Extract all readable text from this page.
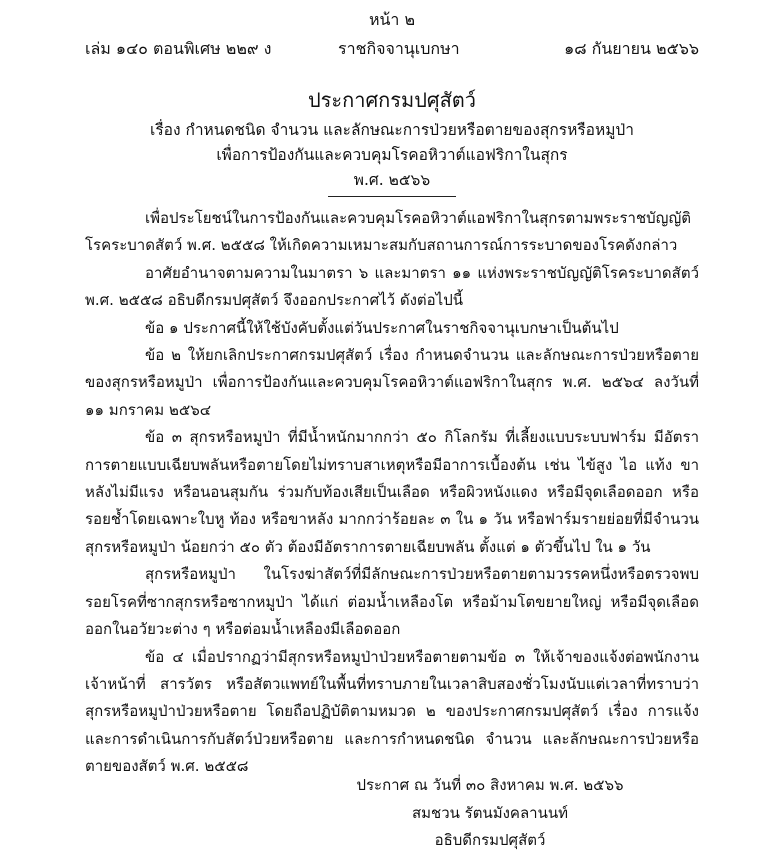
หน้า ๒
เล่ม ๑๔๐ ตอนพิเศษ ๒๒๙ ง	ราชกิจจานุเบกษา	๑๘ กันยายน ๒๕๖๖
ประกาศกรมปศุสัตว์
เรื่อง กำหนดชนิด จำนวน และลักษณะการป่วยหรือตายของสุกรหรือหมูป่า
เพื่อการป้องกันและควบคุมโรคอหิวาต์แอฟริกาในสุกร
พ.ศ. ๒๕๖๖

เพื่อประโยชน์ในการป้องกันและควบคุมโรคอหิวาต์แอฟริกาในสุกรตามพระราชบัญญัติโรคระบาดสัตว์ พ.ศ. ๒๕๕๘ ให้เกิดความเหมาะสมกับสถานการณ์การระบาดของโรคดังกล่าว

อาศัยอำนาจตามความในมาตรา ๖ และมาตรา ๑๑ แห่งพระราชบัญญัติโรคระบาดสัตว์ พ.ศ. ๒๕๕๘ อธิบดีกรมปศุสัตว์ จึงออกประกาศไว้ ดังต่อไปนี้

ข้อ ๑ ประกาศนี้ให้ใช้บังคับตั้งแต่วันประกาศในราชกิจจานุเบกษาเป็นต้นไป

ข้อ ๒ ให้ยกเลิกประกาศกรมปศุสัตว์ เรื่อง กำหนดจำนวน และลักษณะการป่วยหรือตายของสุกรหรือหมูป่า เพื่อการป้องกันและควบคุมโรคอหิวาต์แอฟริกาในสุกร พ.ศ. ๒๕๖๔ ลงวันที่ ๑๑ มกราคม ๒๕๖๔

ข้อ ๓ สุกรหรือหมูป่า ที่มีน้ำหนักมากกว่า ๕๐ กิโลกรัม ที่เลี้ยงแบบระบบฟาร์ม มีอัตราการตายแบบเฉียบพลันหรือตายโดยไม่ทราบสาเหตุหรือมีอาการเบื้องต้น เช่น ไข้สูง ไอ แท้ง ขาหลังไม่มีแรง หรือนอนสุมกัน ร่วมกับท้องเสียเป็นเลือด หรือผิวหนังแดง หรือมีจุดเลือดออก หรือรอยช้ำโดยเฉพาะใบหู ท้อง หรือขาหลัง มากกว่าร้อยละ ๓ ใน ๑ วัน หรือฟาร์มรายย่อยที่มีจำนวนสุกรหรือหมูป่า น้อยกว่า ๕๐ ตัว ต้องมีอัตราการตายเฉียบพลัน ตั้งแต่ ๑ ตัวขึ้นไป ใน ๑ วัน

สุกรหรือหมูป่า ในโรงฆ่าสัตว์ที่มีลักษณะการป่วยหรือตายตามวรรคหนึ่งหรือตรวจพบรอยโรคที่ซากสุกรหรือซากหมูป่า ได้แก่ ต่อมน้ำเหลืองโต หรือม้ามโตขยายใหญ่ หรือมีจุดเลือดออกในอวัยวะต่าง ๆ หรือต่อมน้ำเหลืองมีเลือดออก

ข้อ ๔ เมื่อปรากฏว่ามีสุกรหรือหมูป่าป่วยหรือตายตามข้อ ๓ ให้เจ้าของแจ้งต่อพนักงานเจ้าหน้าที่ สารวัตร หรือสัตวแพทย์ในพื้นที่ทราบภายในเวลาสิบสองชั่วโมงนับแต่เวลาที่ทราบว่าสุกรหรือหมูป่าป่วยหรือตาย โดยถือปฏิบัติตามหมวด ๒ ของประกาศกรมปศุสัตว์ เรื่อง การแจ้งและการดำเนินการกับสัตว์ป่วยหรือตาย และการกำหนดชนิด จำนวน และลักษณะการป่วยหรือตายของสัตว์ พ.ศ. ๒๕๕๘

ประกาศ ณ วันที่ ๓๐ สิงหาคม พ.ศ. ๒๕๖๖
สมชวน รัตนมังคลานนท์
อธิบดีกรมปศุสัตว์
